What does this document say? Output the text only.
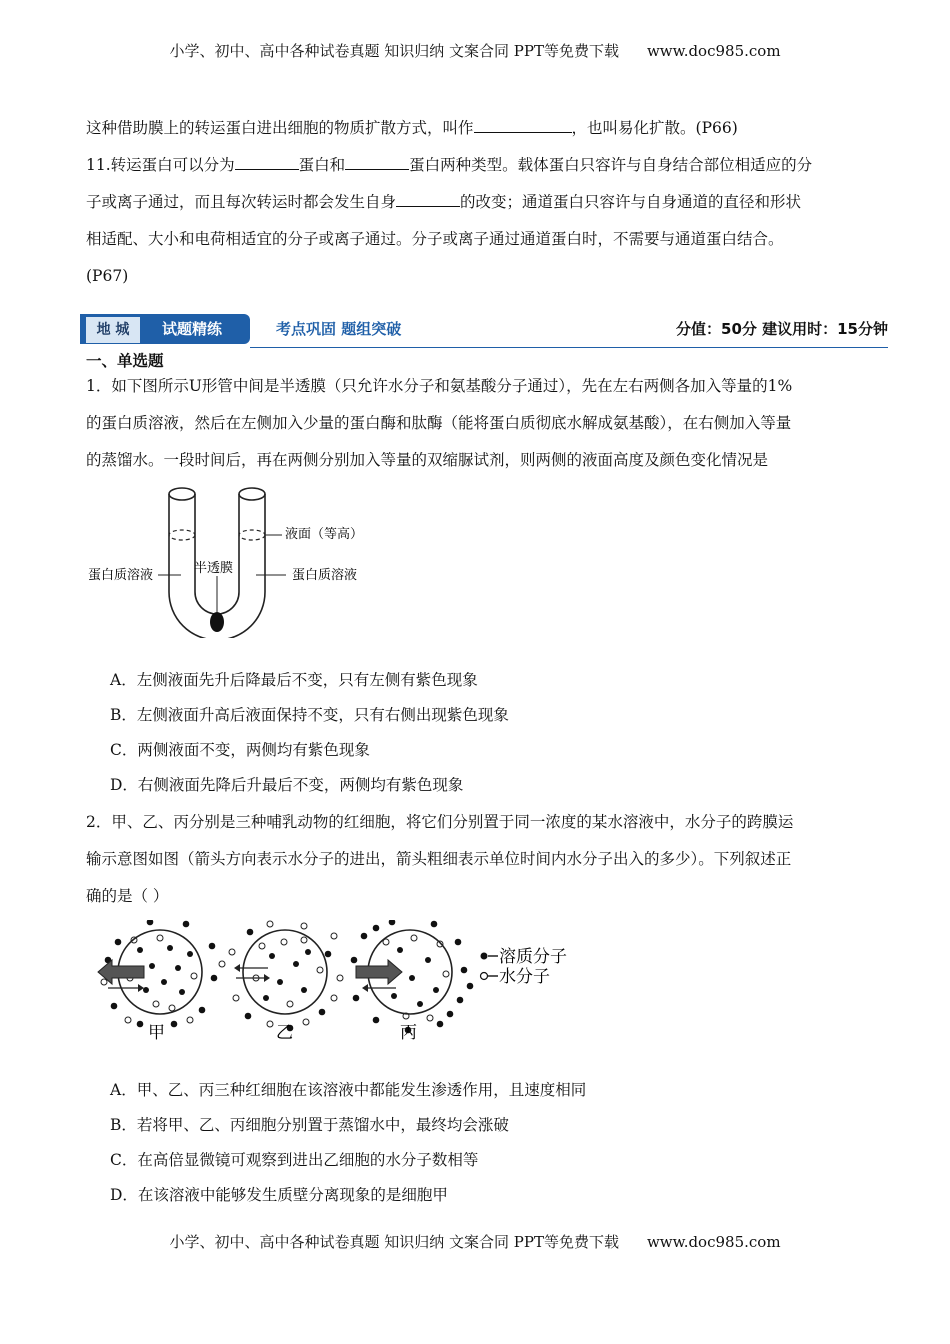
小学、初中、高中各种试卷真题 知识归纳 文案合同 PPT等免费下载 www.doc985.com
这种借助膜上的转运蛋白进出细胞的物质扩散方式，叫作	，也叫易化扩散。(P66)
11.转运蛋白可以分为	蛋白和	蛋白两种类型。载体蛋白只容许与自身结合部位相适应的分
子或离子通过，而且每次转运时都会发生自身	的改变；通道蛋白只容许与自身通道的直径和形状
相适配、大小和电荷相适宜的分子或离子通过。分子或离子通过通道蛋白时，不需要与通道蛋白结合。
(P67)
地 城	试题精练	考点巩固 题组突破	分值：50分 建议用时：15分钟
一、单选题
1．如下图所示U形管中间是半透膜（只允许水分子和氨基酸分子通过），先在左右两侧各加入等量的1%
的蛋白质溶液，然后在左侧加入少量的蛋白酶和肽酶（能将蛋白质彻底水解成氨基酸），在右侧加入等量
的蒸馏水。一段时间后，再在两侧分别加入等量的双缩脲试剂，则两侧的液面高度及颜色变化情况是
液面（等高）
半透膜
蛋白质溶液	蛋白质溶液
A．左侧液面先升后降最后不变，只有左侧有紫色现象
B．左侧液面升高后液面保持不变，只有右侧出现紫色现象
C．两侧液面不变，两侧均有紫色现象
D．右侧液面先降后升最后不变，两侧均有紫色现象
2．甲、乙、丙分别是三种哺乳动物的红细胞，将它们分别置于同一浓度的某水溶液中，水分子的跨膜运
输示意图如图（箭头方向表示水分子的进出，箭头粗细表示单位时间内水分子出入的多少）。下列叙述正
确的是（ ）
甲	乙	丙
溶质分子
水分子
A．甲、乙、丙三种红细胞在该溶液中都能发生渗透作用，且速度相同
B．若将甲、乙、丙细胞分别置于蒸馏水中，最终均会涨破
C．在高倍显微镜可观察到进出乙细胞的水分子数相等
D．在该溶液中能够发生质壁分离现象的是细胞甲
小学、初中、高中各种试卷真题 知识归纳 文案合同 PPT等免费下载 www.doc985.com
